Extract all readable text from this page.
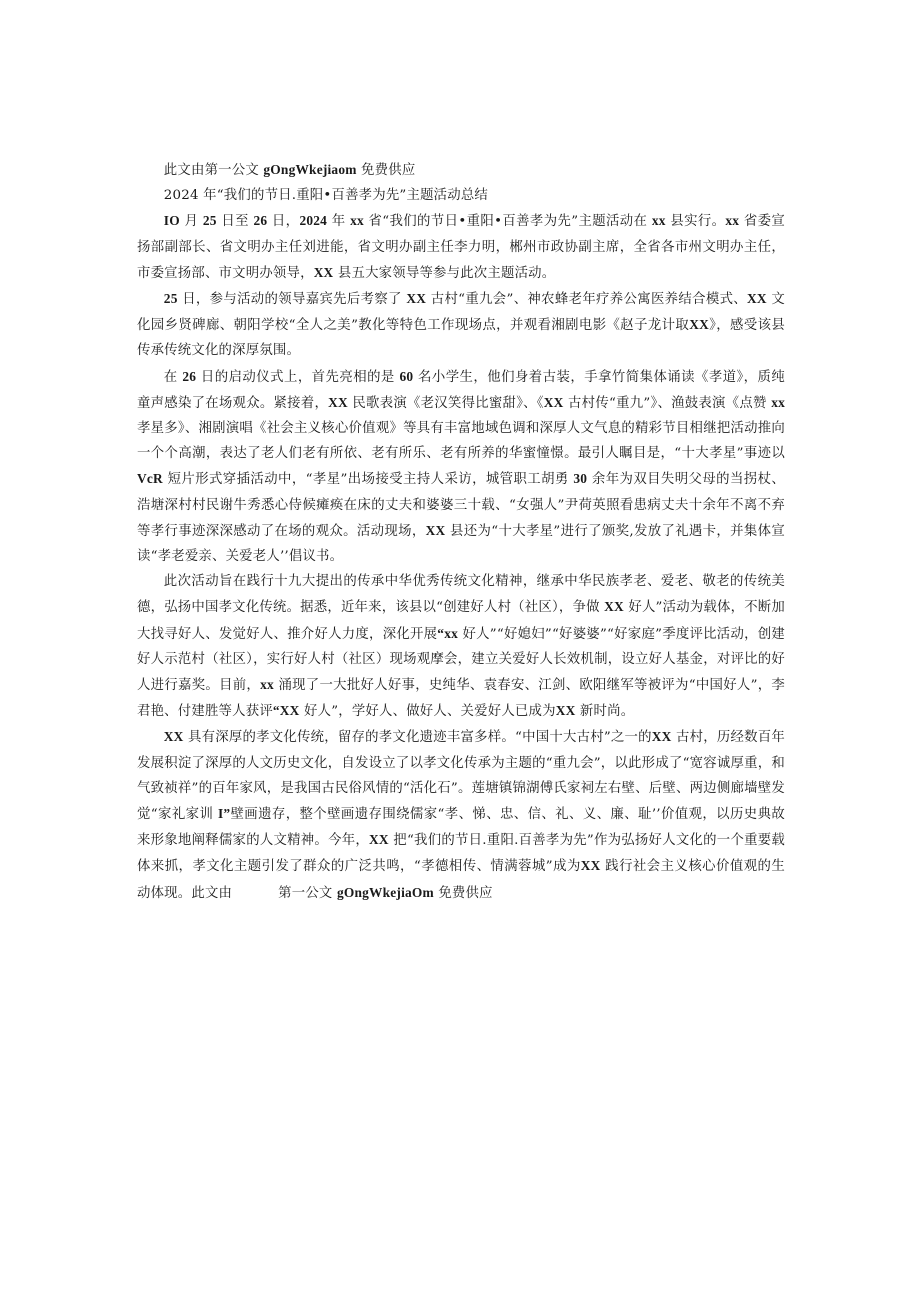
此文由第一公文 gOngWkejiaom 免费供应

2024 年“我们的节日.重阳•百善孝为先”主题活动总结

IO 月 25 日至 26 日，2024 年 xx 省“我们的节日•重阳•百善孝为先”主题活动在 xx 县实行。xx 省委宣扬部副部长、省文明办主任刘进能，省文明办副主任李力明，郴州市政协副主席，全省各市州文明办主任，市委宣扬部、市文明办领导，XX 县五大家领导等参与此次主题活动。

25 日，参与活动的领导嘉宾先后考察了 XX 古村“重九会”、神农蜂老年疗养公寓医养结合模式、XX 文化园乡贤碑廊、朝阳学校“全人之美”教化等特色工作现场点，并观看湘剧电影《赵子龙计取XX》，感受该县传承传统文化的深厚氛围。

在 26 日的启动仪式上，首先亮相的是 60 名小学生，他们身着古装，手拿竹简集体诵读《孝道》，质纯童声感染了在场观众。紧接着，XX 民歌表演《老汉笑得比蜜甜》、《XX 古村传“重九”》、渔鼓表演《点赞 xx 孝星多》、湘剧演唱《社会主义核心价值观》等具有丰富地域色调和深厚人文气息的精彩节目相继把活动推向一个个高潮，表达了老人们老有所依、老有所乐、老有所养的华蜜憧憬。最引人瞩目是，“十大孝星”事迹以 VcR 短片形式穿插活动中，“孝星”出场接受主持人采访，城管职工胡勇 30 余年为双目失明父母的当拐杖、浩塘深村村民谢牛秀悉心侍候瘫痪在床的丈夫和婆婆三十载、“女强人”尹荷英照看患病丈夫十余年不离不弃等孝行事迹深深感动了在场的观众。活动现场，XX 县还为“十大孝星”进行了颁奖,发放了礼遇卡，并集体宣读“孝老爱亲、关爱老人’’倡议书。

此次活动旨在践行十九大提出的传承中华优秀传统文化精神，继承中华民族孝老、爱老、敬老的传统美德，弘扬中国孝文化传统。据悉，近年来，该县以“创建好人村（社区），争做 XX 好人”活动为载体，不断加大找寻好人、发觉好人、推介好人力度，深化开展“xx 好人”“好媳妇”“好婆婆”“好家庭”季度评比活动，创建好人示范村（社区），实行好人村（社区）现场观摩会，建立关爱好人长效机制，设立好人基金，对评比的好人进行嘉奖。目前，xx 涌现了一大批好人好事，史纯华、袁春安、江剑、欧阳继军等被评为“中国好人”，李君艳、付建胜等人获评“XX 好人”，学好人、做好人、关爱好人已成为XX 新时尚。

XX 具有深厚的孝文化传统，留存的孝文化遗迹丰富多样。“中国十大古村”之一的XX 古村，历经数百年发展积淀了深厚的人文历史文化，自发设立了以孝文化传承为主题的“重九会”，以此形成了“宽容诚厚重，和气致祯祥”的百年家风，是我国古民俗风情的“活化石”。莲塘镇锦湖傅氏家祠左右壁、后壁、两边侧廊墙壁发觉“家礼家训 I”壁画遗存，整个壁画遗存围绕儒家“孝、悌、忠、信、礼、义、廉、耻’’价值观，以历史典故来形象地阐释儒家的人文精神。今年，XX 把“我们的节日.重阳.百善孝为先”作为弘扬好人文化的一个重要载体来抓，孝文化主题引发了群众的广泛共鸣，“孝德相传、情满蓉城”成为XX 践行社会主义核心价值观的生动体现。此文由	第一公文 gOngWkejiaOm 免费供应
